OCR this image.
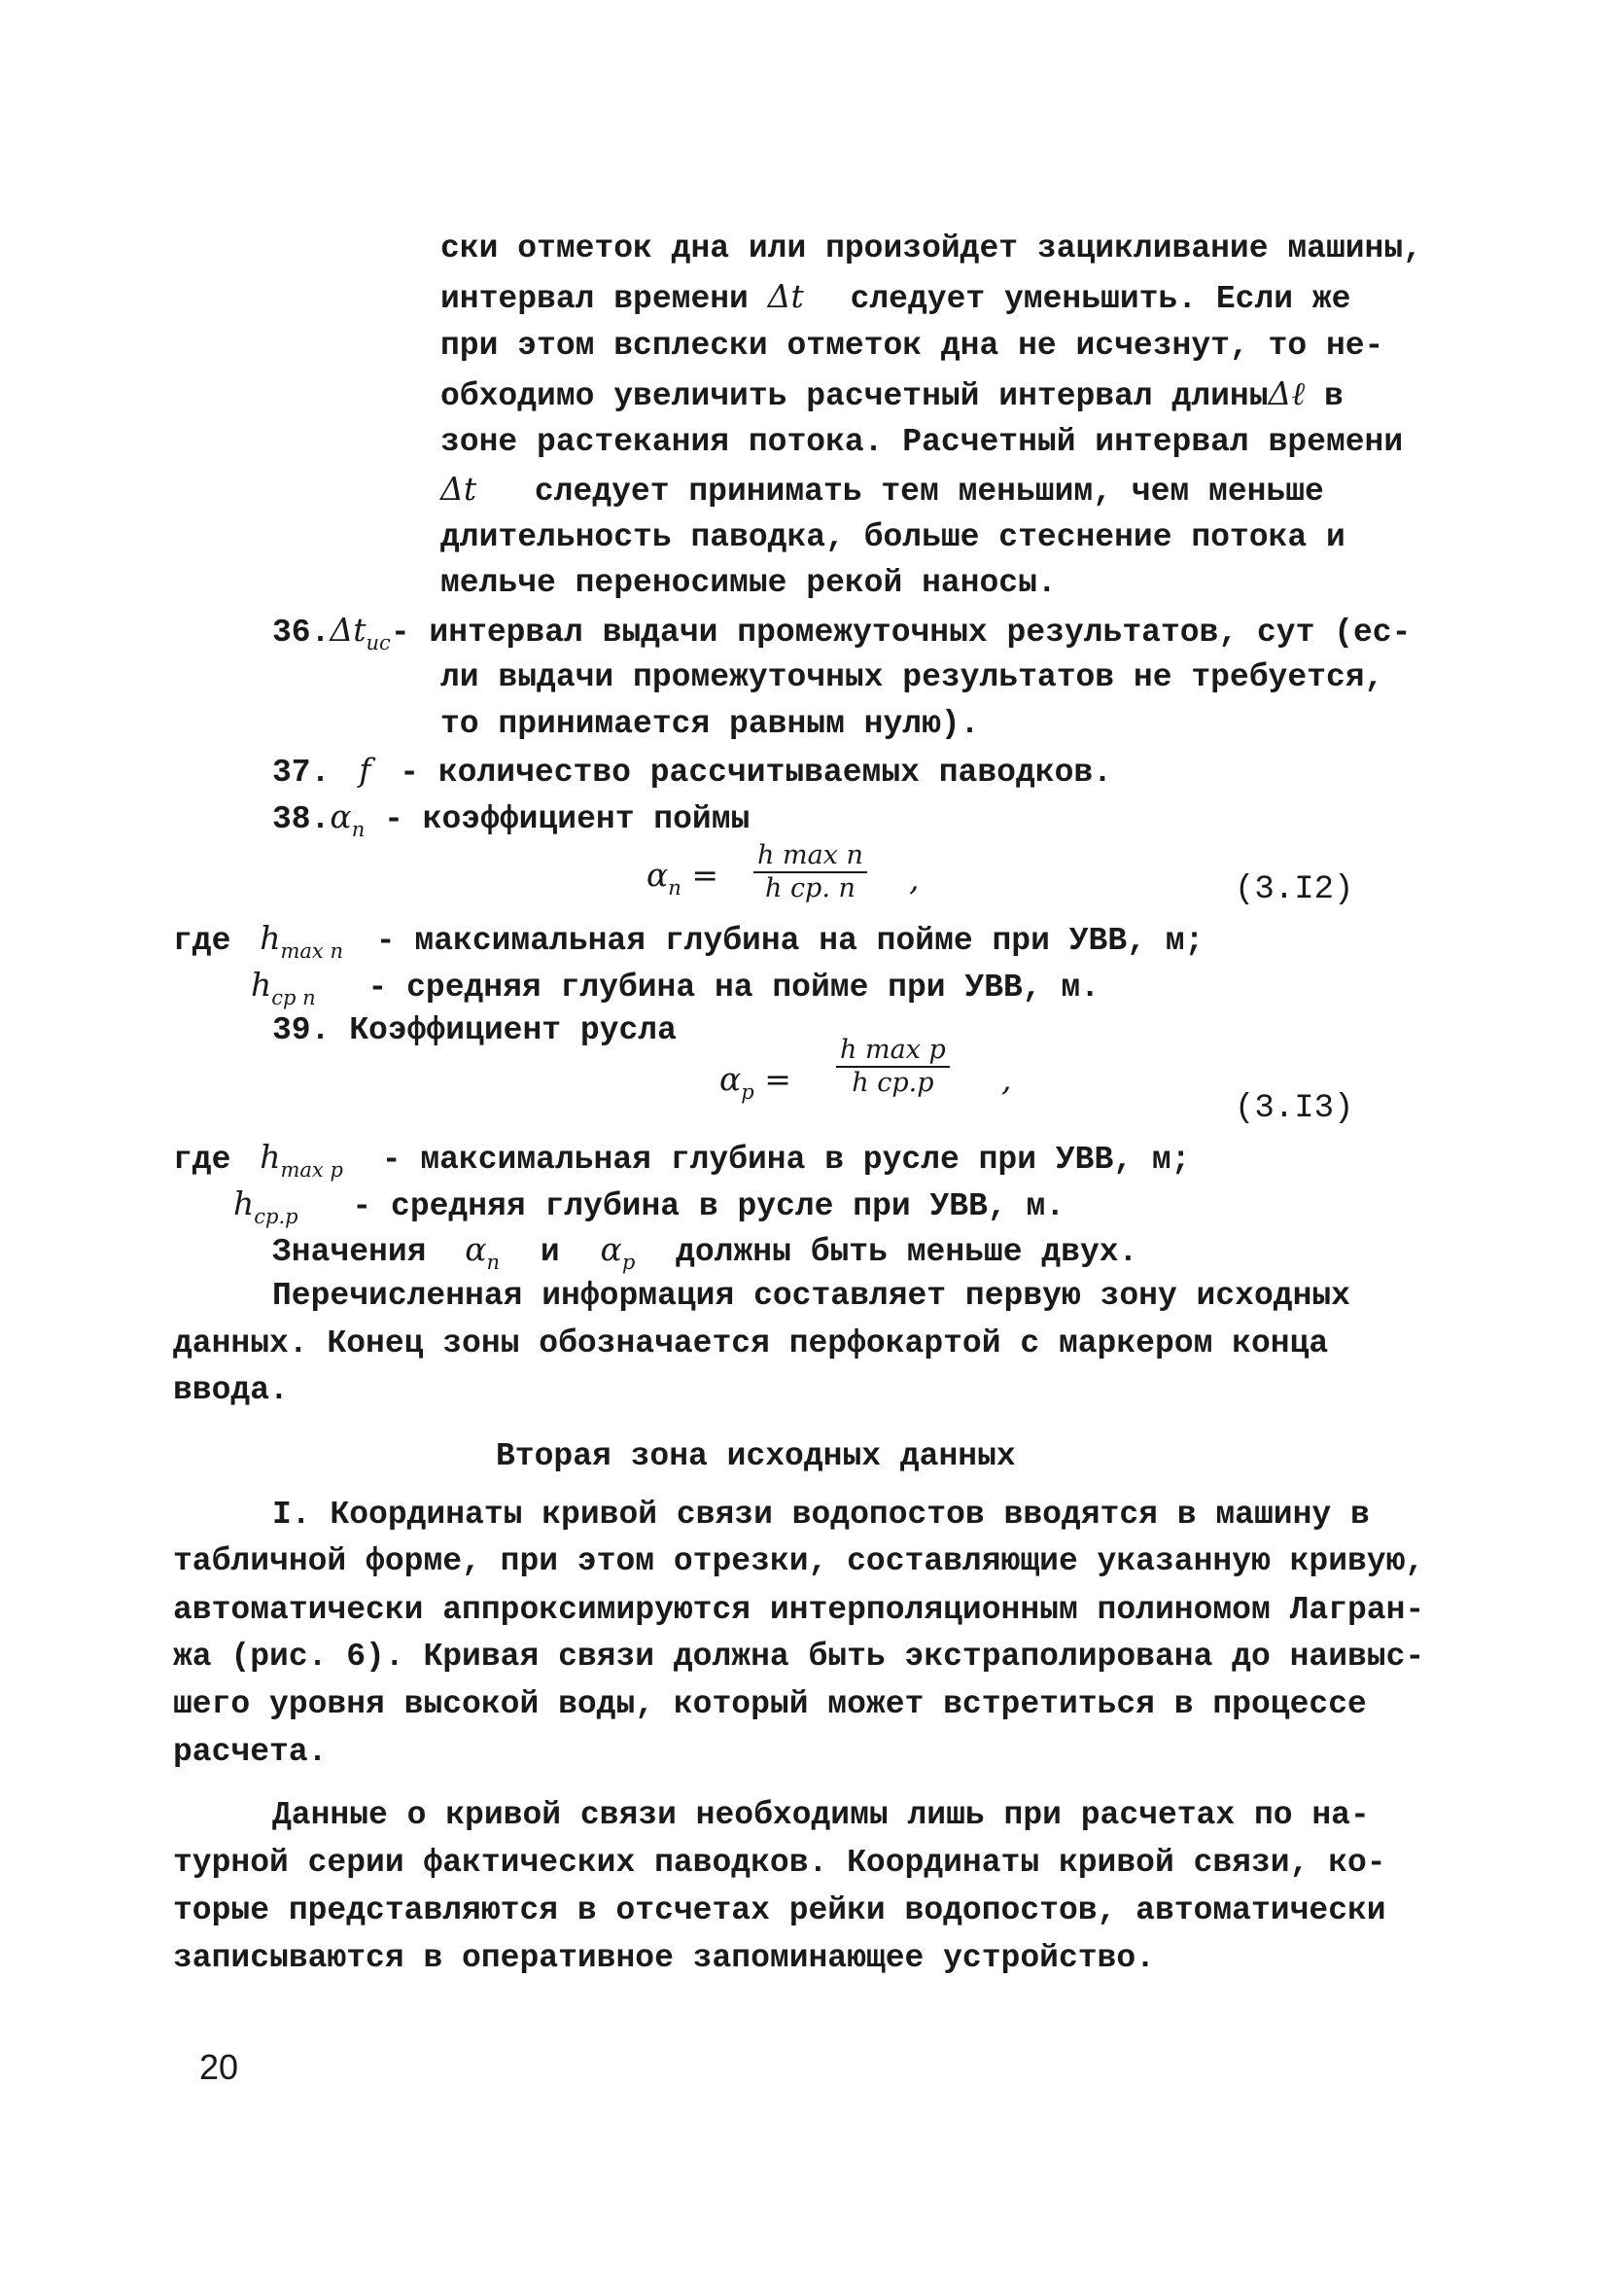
ски отметок дна или произойдет зацикливание машины,
интервал времени Δt следует уменьшить. Если же
при этом всплески отметок дна не исчезнут, то не-
обходимо увеличить расчетный интервал длиныΔℓ в
зоне растекания потока. Расчетный интервал времени
Δt следует принимать тем меньшим, чем меньше
длительность паводка, больше стеснение потока и
мельче переносимые рекой наносы.
$36.\Delta t_{ис}-$ интервал выдачи промежуточных результатов, сут (ес-
ли выдачи промежуточных результатов не требуется,
то принимается равным нулю).
37. f - количество рассчитываемых паводков.
$38.\alpha_п$ - коэффициент поймы
$\alpha_п$ =
h max п
h ср. п	,	(3.I2)
где $h_{max п}$ - максимальная глубина на пойме при УВВ, м;
$h_{ср п}$ - средняя глубина на пойме при УВВ, м.
39. Коэффициент русла
$\alpha_р$ =
h max р
h ср.р	,
(3.I3)
где $h_{max р}$ - максимальная глубина в русле при УВВ, м;
$h_{ср.р}$ - средняя глубина в русле при УВВ, м.
Значения $\alpha_п$ и $\alpha_р$ должны быть меньше двух.
Перечисленная информация составляет первую зону исходных
данных. Конец зоны обозначается перфокартой с маркером конца
ввода.
Вторая зона исходных данных
I. Координаты кривой связи водопостов вводятся в машину в
табличной форме, при этом отрезки, составляющие указанную кривую,
автоматически аппроксимируются интерполяционным полиномом Лагран-
жа (рис. 6). Кривая связи должна быть экстраполирована до наивыс-
шего уровня высокой воды, который может встретиться в процессе
расчета.
Данные о кривой связи необходимы лишь при расчетах по на-
турной серии фактических паводков. Координаты кривой связи, ко-
торые представляются в отсчетах рейки водопостов, автоматически
записываются в оперативное запоминающее устройство.
20
